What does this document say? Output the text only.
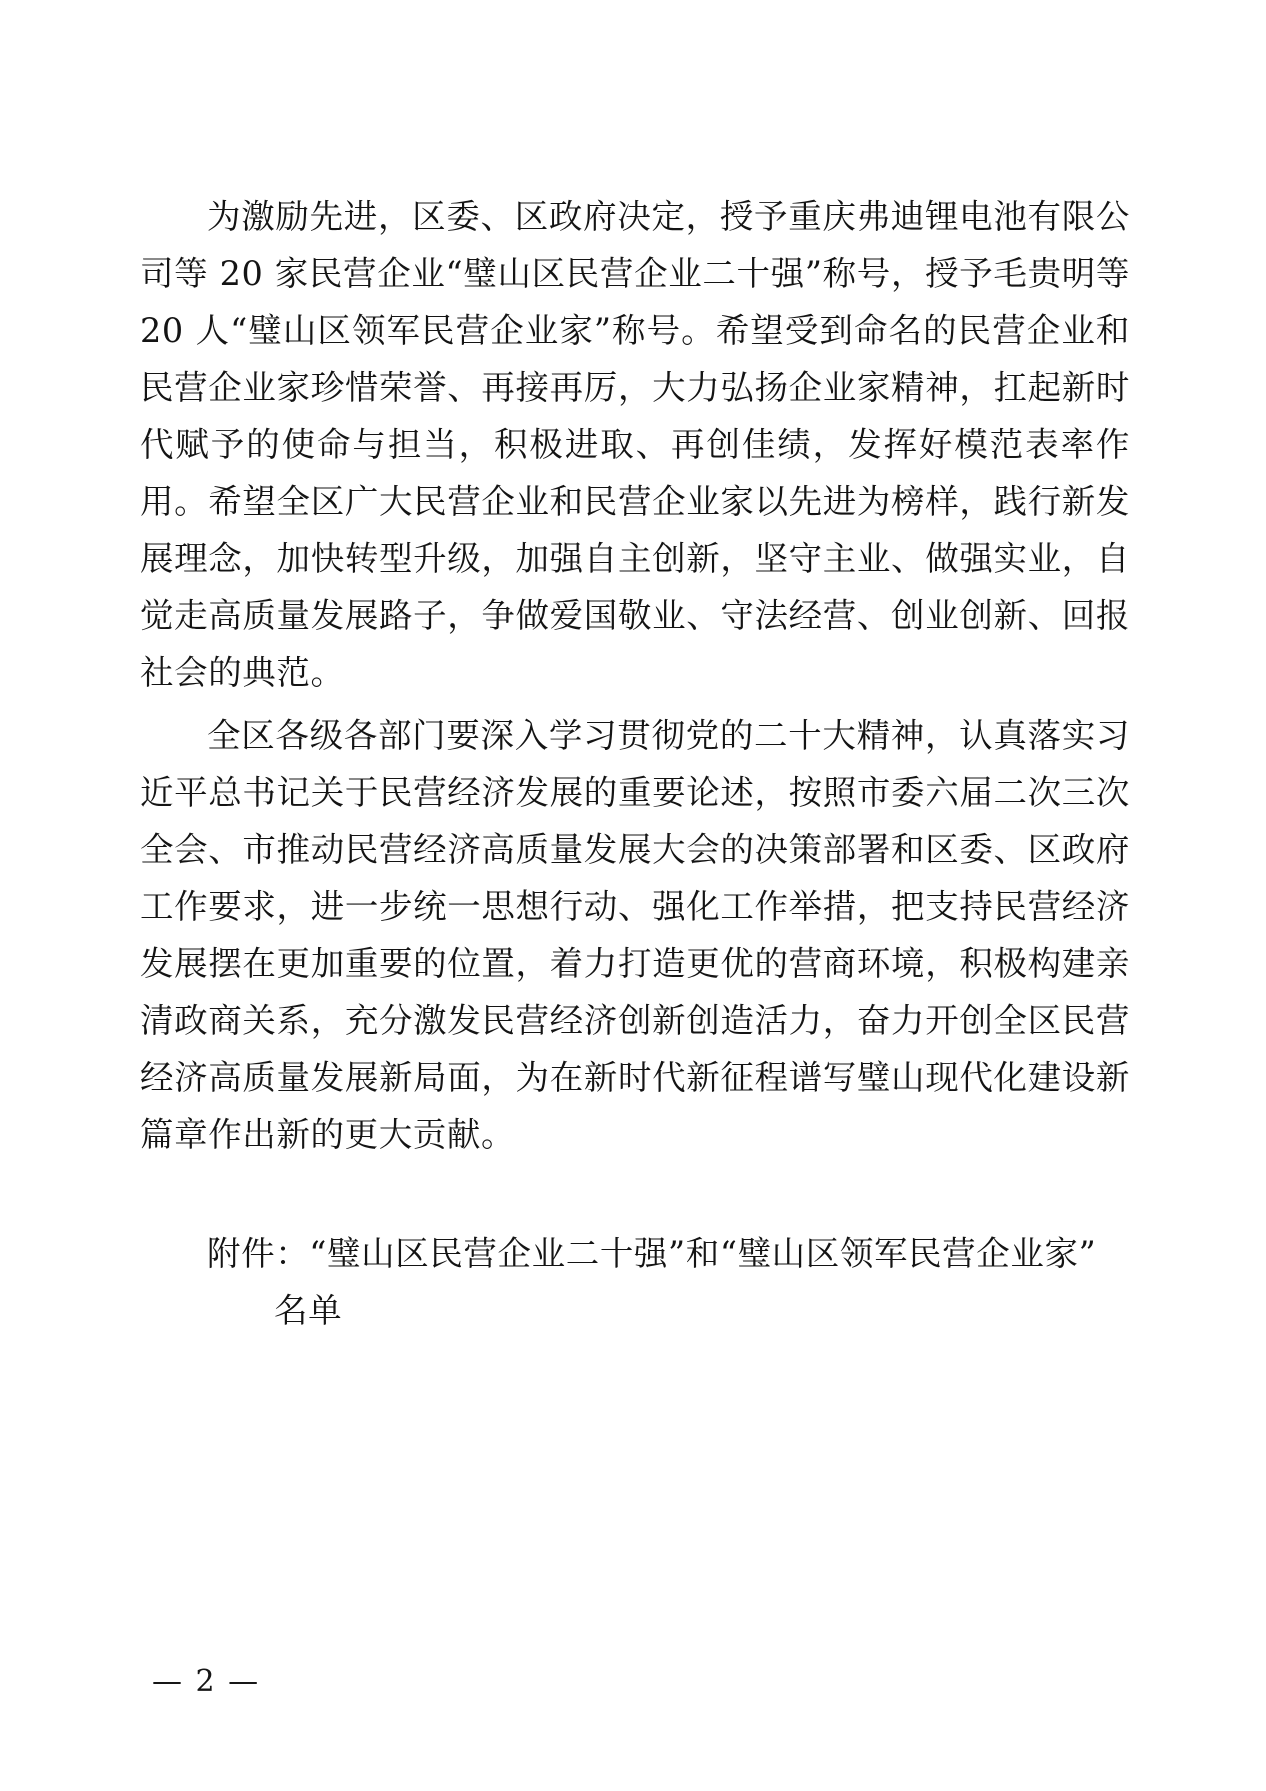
为激励先进，区委、区政府决定，授予重庆弗迪锂电池有限公司等 20 家民营企业“璧山区民营企业二十强”称号，授予毛贵明等 20 人“璧山区领军民营企业家”称号。希望受到命名的民营企业和民营企业家珍惜荣誉、再接再厉，大力弘扬企业家精神，扛起新时代赋予的使命与担当，积极进取、再创佳绩，发挥好模范表率作用。希望全区广大民营企业和民营企业家以先进为榜样，践行新发展理念，加快转型升级，加强自主创新，坚守主业、做强实业，自觉走高质量发展路子，争做爱国敬业、守法经营、创业创新、回报社会的典范。

全区各级各部门要深入学习贯彻党的二十大精神，认真落实习近平总书记关于民营经济发展的重要论述，按照市委六届二次三次全会、市推动民营经济高质量发展大会的决策部署和区委、区政府工作要求，进一步统一思想行动、强化工作举措，把支持民营经济发展摆在更加重要的位置，着力打造更优的营商环境，积极构建亲清政商关系，充分激发民营经济创新创造活力，奋力开创全区民营经济高质量发展新局面，为在新时代新征程谱写璧山现代化建设新篇章作出新的更大贡献。

附件：“璧山区民营企业二十强”和“璧山区领军民营企业家”

名单

— 2 —
